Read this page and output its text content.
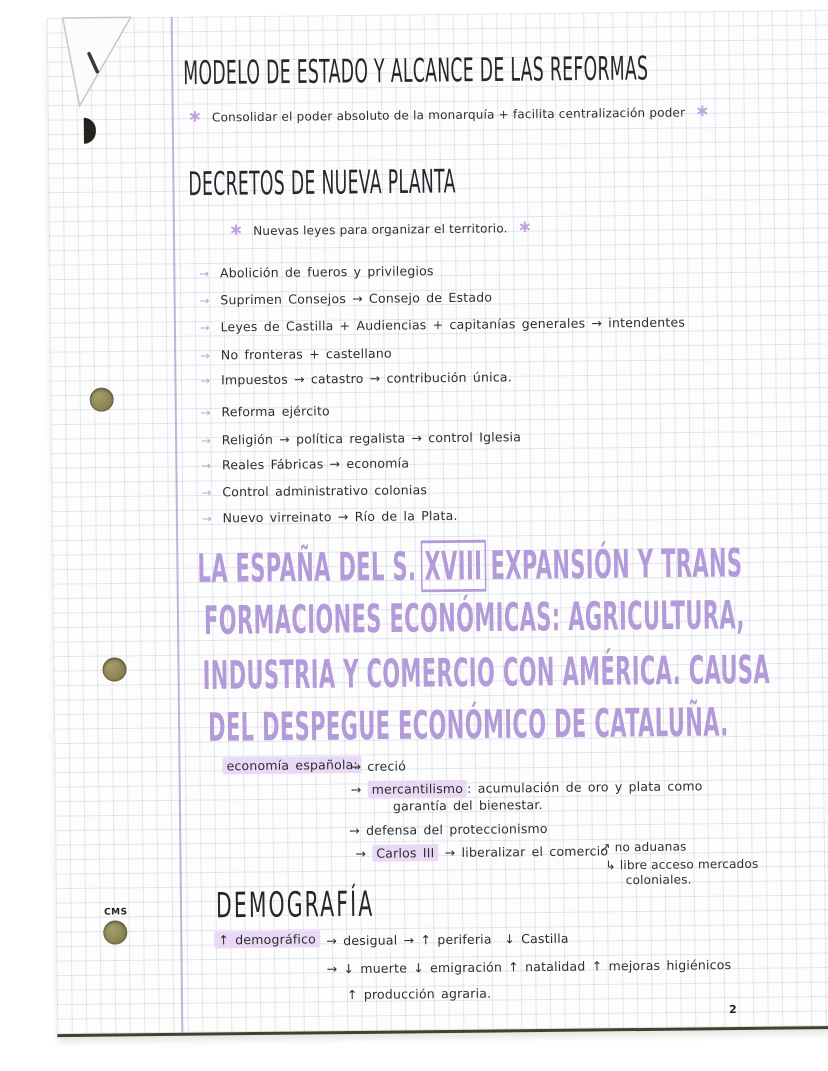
CMS
MODELO DE ESTADO Y ALCANCE DE LAS REFORMAS
∗ Consolidar el poder absoluto de la monarquía + facilita centralización poder ∗
DECRETOS DE NUEVA PLANTA
∗ Nuevas leyes para organizar el territorio. ∗
→ Abolición de fueros y privilegios
→ Suprimen Consejos → Consejo de Estado
→ Leyes de Castilla + Audiencias + capitanías generales → intendentes
→ No fronteras + castellano
→ Impuestos → catastro → contribución única.
→ Reforma ejército
→ Religión → política regalista → control Iglesia
→ Reales Fábricas → economía
→ Control administrativo colonias
→ Nuevo virreinato → Río de la Plata.
LA ESPAÑA DEL S. XVIII EXPANSIÓN Y TRANS
FORMACIONES ECONÓMICAS: AGRICULTURA,
INDUSTRIA Y COMERCIO CON AMÉRICA. CAUSA
DEL DESPEGUE ECONÓMICO DE CATALUÑA.
economía española:
→ creció
→ mercantilismo : acumulación de oro y plata como
garantía del bienestar.
→ defensa del proteccionismo
→ Carlos III → liberalizar el comercio
↗ no aduanas
↳ libre acceso mercados
coloniales.
DEMOGRAFÍA
↑ demográfico → desigual → ↑ periferia ↓ Castilla
→ ↓ muerte ↓ emigración ↑ natalidad ↑ mejoras higiénicos
↑ producción agraria.
2
